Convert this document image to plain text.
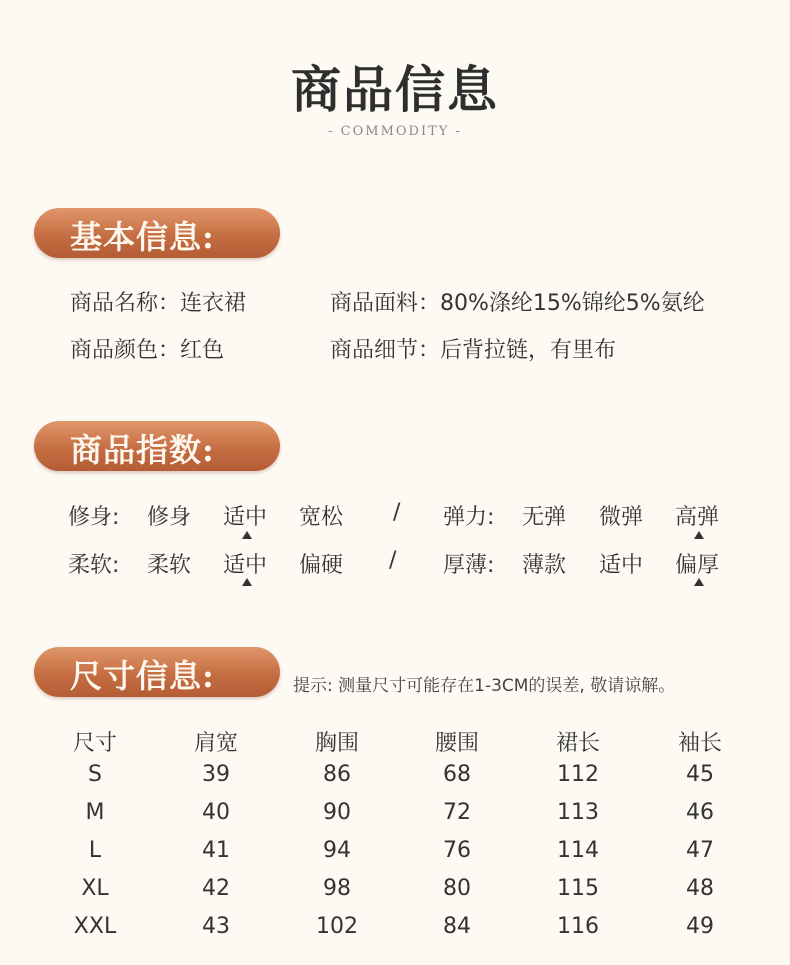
商品信息
- COMMODITY -
基本信息:
商品名称：连衣裙	商品面料：80%涤纶15%锦纶5%氨纶
商品颜色：红色	商品细节：后背拉链，有里布
商品指数:
修身: 修身 适中 宽松 / 弹力: 无弹 微弹 高弹
柔软: 柔软 适中 偏硬 / 厚薄: 薄款 适中 偏厚
尺寸信息:	提示: 测量尺寸可能存在1-3CM的误差, 敬请谅解。
尺寸	肩宽	胸围	腰围	裙长	袖长
S	39	86	68	112	45
M	40	90	72	113	46
L	41	94	76	114	47
XL	42	98	80	115	48
XXL	43	102	84	116	49
